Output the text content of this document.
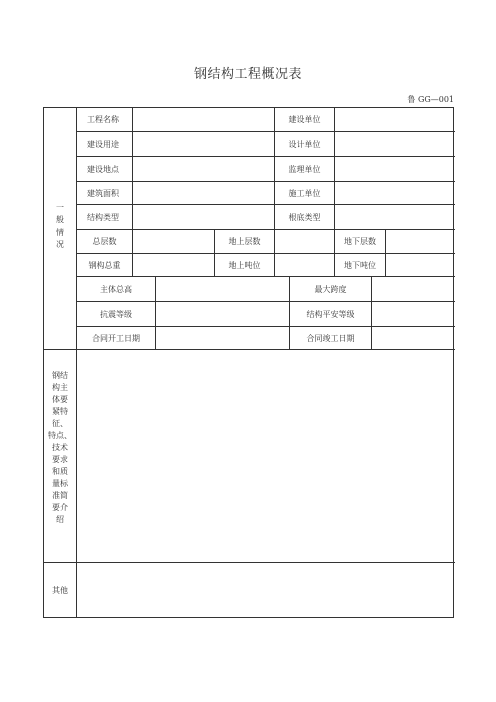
钢结构工程概况表
鲁 GG—001
一
般
情
况
工程名称	建设单位
建设用途	设计单位
建设地点	监理单位
建筑面积	施工单位
结构类型	根底类型
总层数	地上层数	地下层数
钢构总重	地上吨位	地下吨位
主体总高	最大跨度
抗震等级	结构平安等级
合同开工日期	合同竣工日期
钢结
构主
体要
紧特
征、
特点、
技术
要求
和质
量标
准简
要介
绍
其他
